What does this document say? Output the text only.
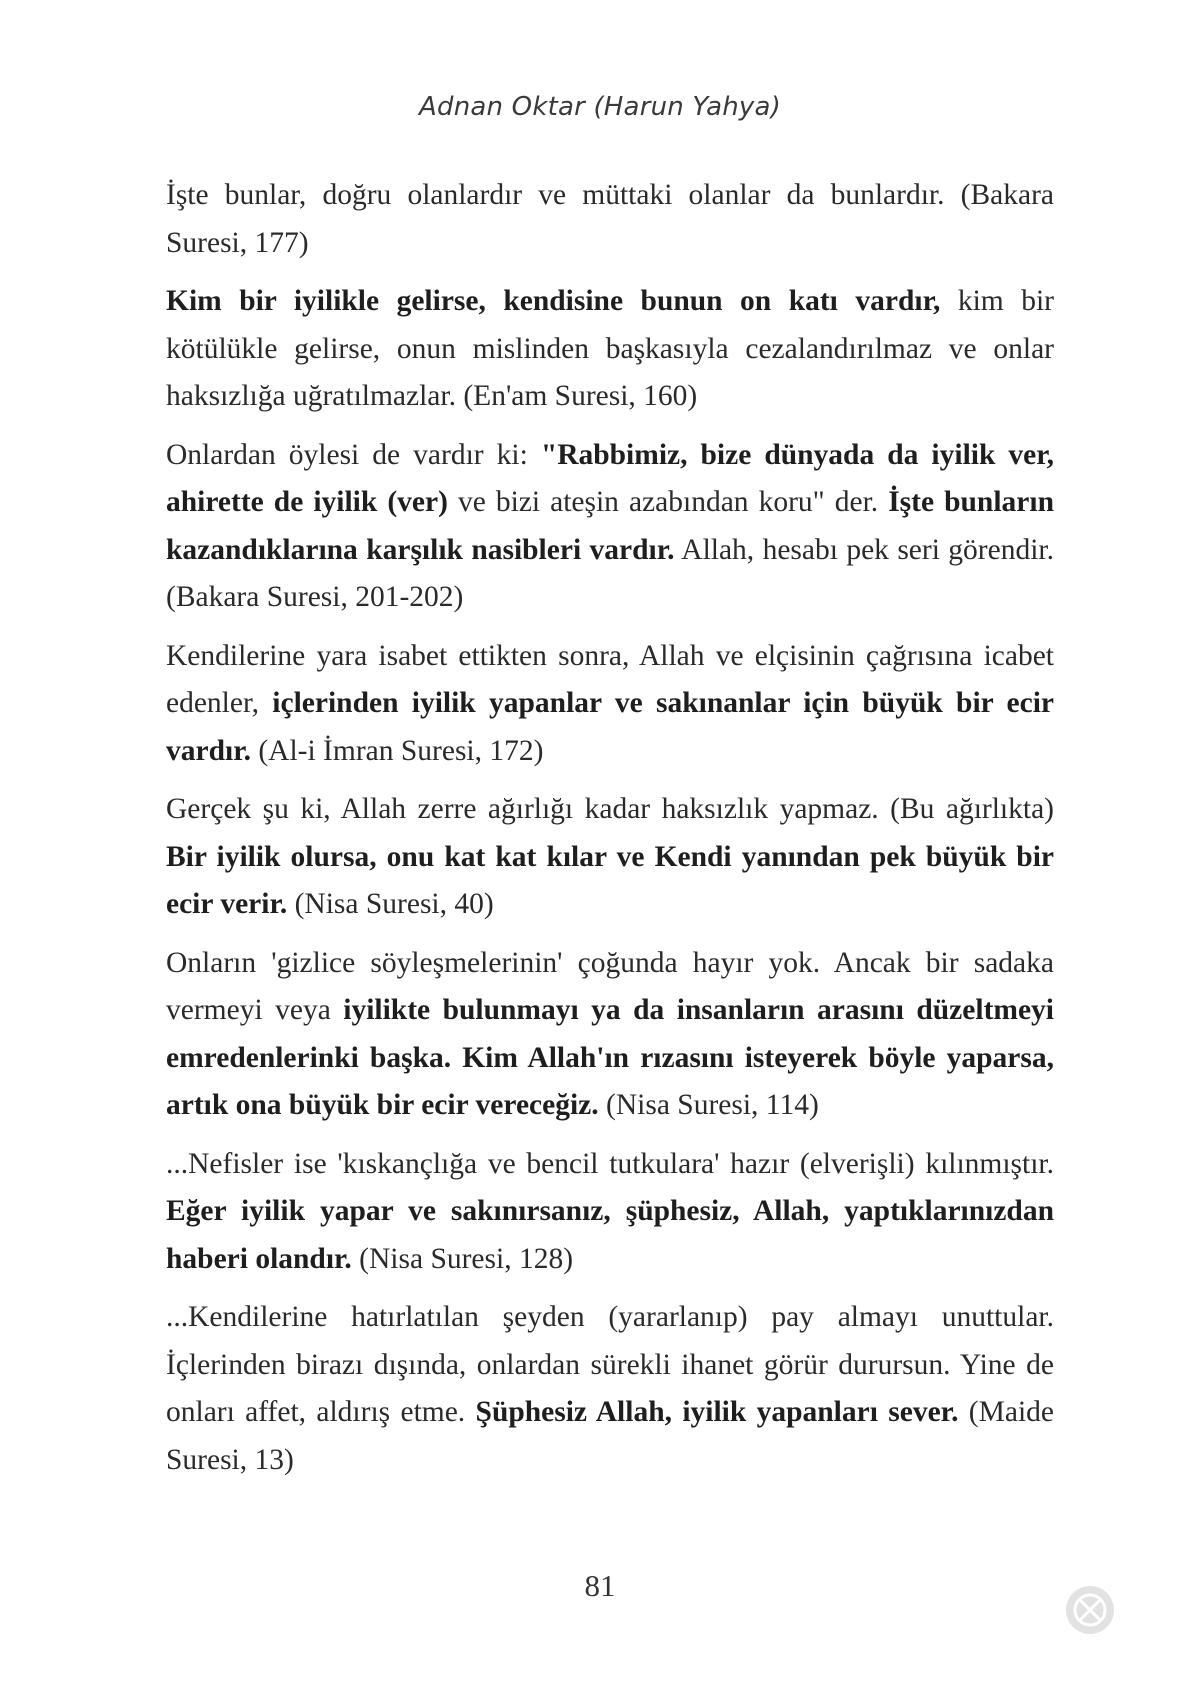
Adnan Oktar (Harun Yahya)

İşte bunlar, doğru olanlardır ve müttaki olanlar da bunlardır. (Bakara Suresi, 177)

Kim bir iyilikle gelirse, kendisine bunun on katı vardır, kim bir kötülükle gelirse, onun mislinden başkasıyla cezalandırılmaz ve onlar haksızlığa uğratılmazlar. (En'am Suresi, 160)

Onlardan öylesi de vardır ki: "Rabbimiz, bize dünyada da iyilik ver, ahirette de iyilik (ver) ve bizi ateşin azabından koru" der. İşte bunların kazandıklarına karşılık nasibleri vardır. Allah, hesabı pek seri görendir. (Bakara Suresi, 201-202)

Kendilerine yara isabet ettikten sonra, Allah ve elçisinin çağrısına icabet edenler, içlerinden iyilik yapanlar ve sakınanlar için büyük bir ecir vardır. (Al-i İmran Suresi, 172)

Gerçek şu ki, Allah zerre ağırlığı kadar haksızlık yapmaz. (Bu ağırlıkta) Bir iyilik olursa, onu kat kat kılar ve Kendi yanından pek büyük bir ecir verir. (Nisa Suresi, 40)

Onların 'gizlice söyleşmelerinin' çoğunda hayır yok. Ancak bir sadaka vermeyi veya iyilikte bulunmayı ya da insanların arasını düzeltmeyi emredenlerinki başka. Kim Allah'ın rızasını isteyerek böyle yaparsa, artık ona büyük bir ecir vereceğiz. (Nisa Suresi, 114)

...Nefisler ise 'kıskançlığa ve bencil tutkulara' hazır (elverişli) kılınmıştır. Eğer iyilik yapar ve sakınırsanız, şüphesiz, Allah, yaptıklarınızdan haberi olandır. (Nisa Suresi, 128)

...Kendilerine hatırlatılan şeyden (yararlanıp) pay almayı unuttular. İçlerinden birazı dışında, onlardan sürekli ihanet görür durursun. Yine de onları affet, aldırış etme. Şüphesiz Allah, iyilik yapanları sever. (Maide Suresi, 13)

81
